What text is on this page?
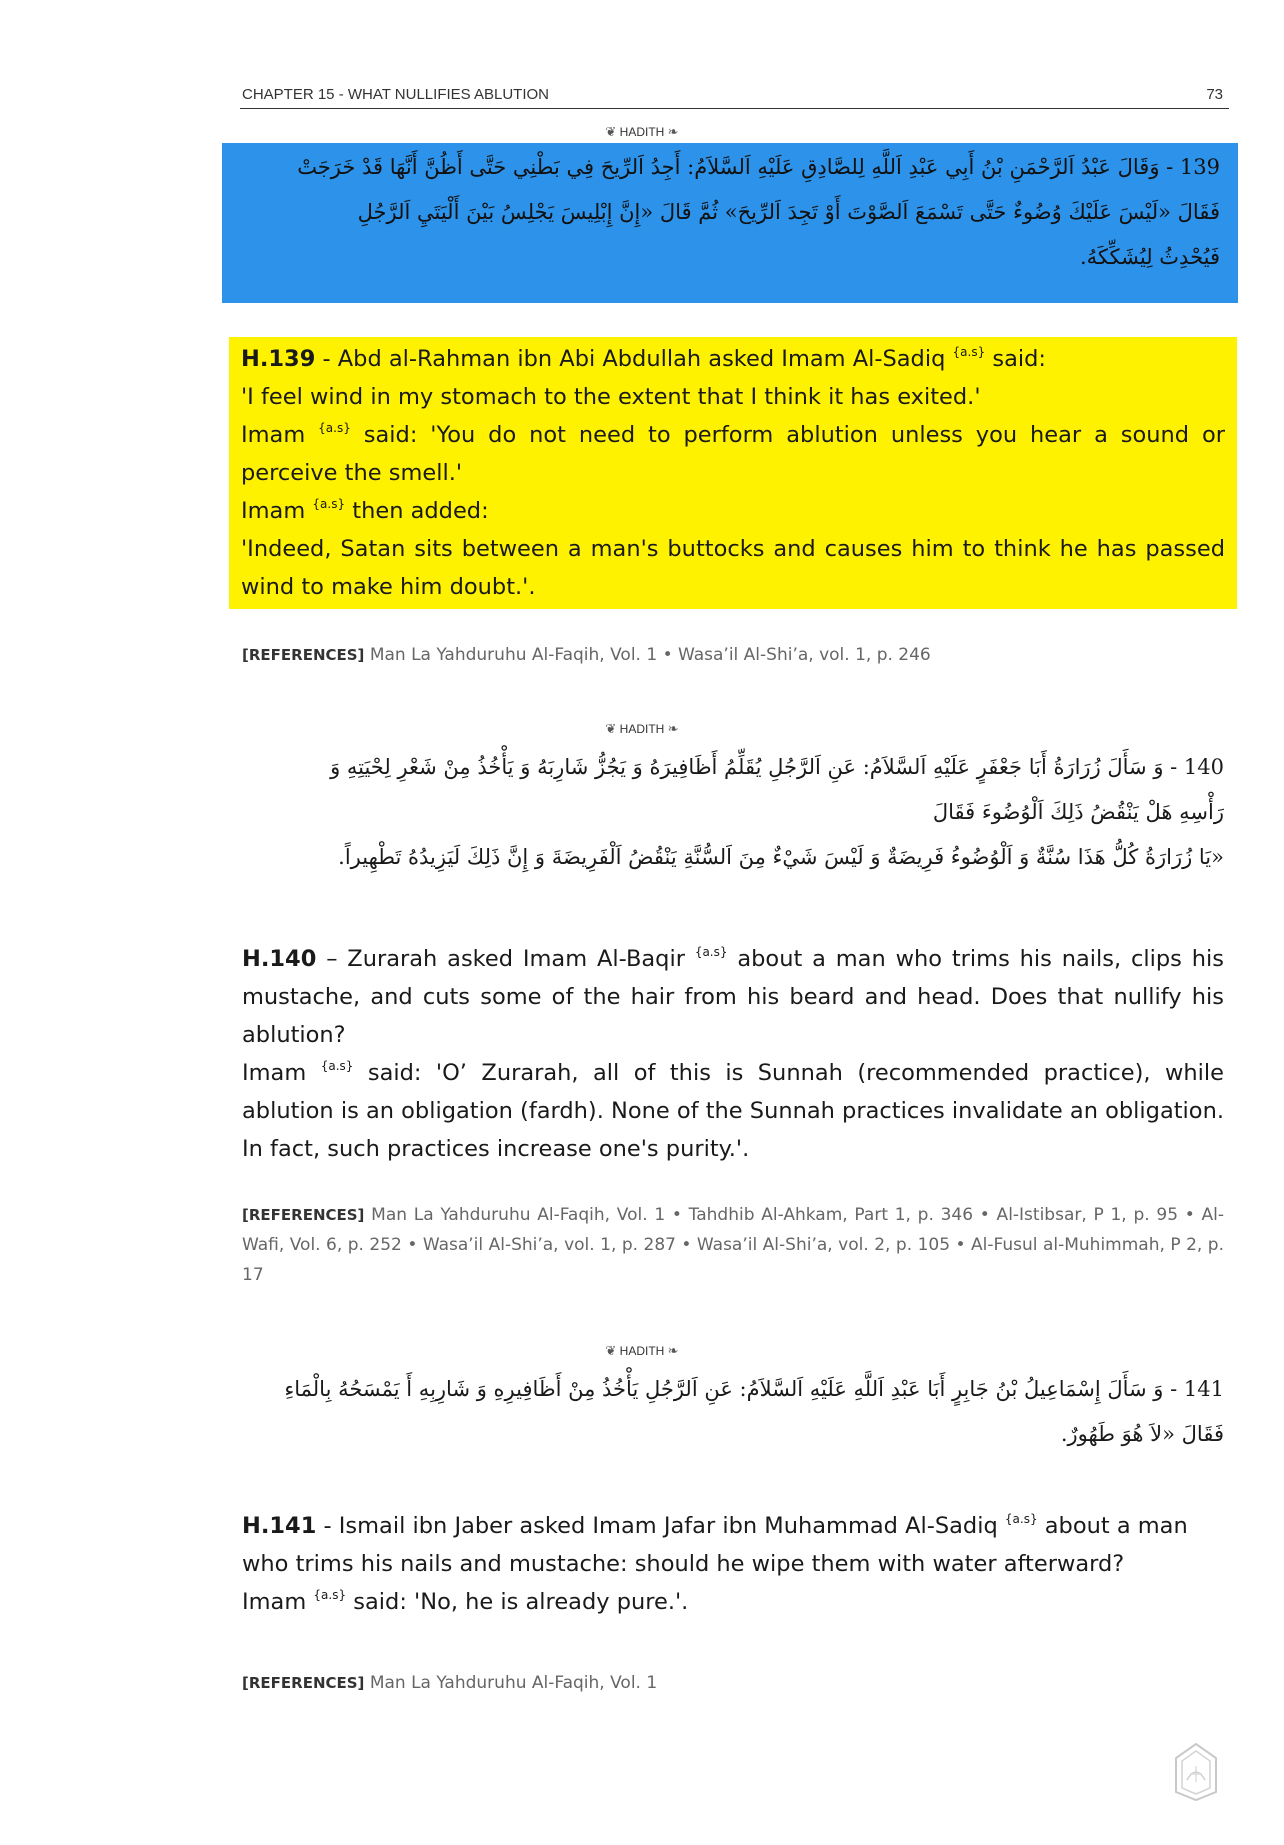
CHAPTER 15 - WHAT NULLIFIES ABLUTION	73
❦ HADITH ❧
139 - وَقَالَ عَبْدُ اَلرَّحْمَنِ بْنُ أَبِي عَبْدِ اَللَّهِ لِلصَّادِقِ عَلَيْهِ اَلسَّلاَمُ: أَجِدُ اَلرِّيحَ فِي بَطْنِي حَتَّى أَظُنَّ أَنَّهَا قَدْ خَرَجَتْ
فَقَالَ «لَيْسَ عَلَيْكَ وُضُوءٌ حَتَّى تَسْمَعَ اَلصَّوْتَ أَوْ تَجِدَ اَلرِّيحَ» ثُمَّ قَالَ «إِنَّ إِبْلِيسَ يَجْلِسُ بَيْنَ أَلْيَتَيِ اَلرَّجُلِ
فَيُحْدِثُ لِيُشَكِّكَهُ.

H.139 - Abd al-Rahman ibn Abi Abdullah asked Imam Al-Sadiq $^{\{a.s\}}$ said:

'I feel wind in my stomach to the extent that I think it has exited.'

Imam $^{\{a.s\}}$ said: 'You do not need to perform ablution unless you hear a sound or perceive the smell.'

Imam $^{\{a.s\}}$ then added:

'Indeed, Satan sits between a man's buttocks and causes him to think he has passed wind to make him doubt.'.

[REFERENCES] Man La Yahduruhu Al-Faqih, Vol. 1 • Wasa’il Al-Shi’a, vol. 1, p. 246
❦ HADITH ❧
140 - وَ سَأَلَ زُرَارَةُ أَبَا جَعْفَرٍ عَلَيْهِ اَلسَّلاَمُ: عَنِ اَلرَّجُلِ يُقَلِّمُ أَظَافِيرَهُ وَ يَجُزُّ شَارِبَهُ وَ يَأْخُذُ مِنْ شَعْرِ لِحْيَتِهِ وَ
رَأْسِهِ هَلْ يَنْقُضُ ذَلِكَ اَلْوُضُوءَ فَقَالَ
«يَا زُرَارَةُ كُلُّ هَذَا سُنَّةٌ وَ اَلْوُضُوءُ فَرِيضَةٌ وَ لَيْسَ شَيْءٌ مِنَ اَلسُّنَّةِ يَنْقُضُ اَلْفَرِيضَةَ وَ إِنَّ ذَلِكَ لَيَزِيدُهُ تَطْهِيراً.

H.140 – Zurarah asked Imam Al-Baqir $^{\{a.s\}}$ about a man who trims his nails, clips his mustache, and cuts some of the hair from his beard and head. Does that nullify his ablution?

Imam $^{\{a.s\}}$ said: 'O’ Zurarah, all of this is Sunnah (recommended practice), while ablution is an obligation (fardh). None of the Sunnah practices invalidate an obligation. In fact, such practices increase one's purity.'.

[REFERENCES] Man La Yahduruhu Al-Faqih, Vol. 1 • Tahdhib Al-Ahkam, Part 1, p. 346 • Al-Istibsar, P 1, p. 95 • Al-Wafi, Vol. 6, p. 252 • Wasa’il Al-Shi’a, vol. 1, p. 287 • Wasa’il Al-Shi’a, vol. 2, p. 105 • Al-Fusul al-Muhimmah, P 2, p. 17
❦ HADITH ❧
141 - وَ سَأَلَ إِسْمَاعِيلُ بْنُ جَابِرٍ أَبَا عَبْدِ اَللَّهِ عَلَيْهِ اَلسَّلاَمُ: عَنِ اَلرَّجُلِ يَأْخُذُ مِنْ أَظَافِيرِهِ وَ شَارِبِهِ أَ يَمْسَحُهُ بِالْمَاءِ
فَقَالَ «لاَ هُوَ طَهُورٌ.

H.141 - Ismail ibn Jaber asked Imam Jafar ibn Muhammad Al-Sadiq $^{\{a.s\}}$ about a man who trims his nails and mustache: should he wipe them with water afterward?

Imam $^{\{a.s\}}$ said: 'No, he is already pure.'.

[REFERENCES] Man La Yahduruhu Al-Faqih, Vol. 1
